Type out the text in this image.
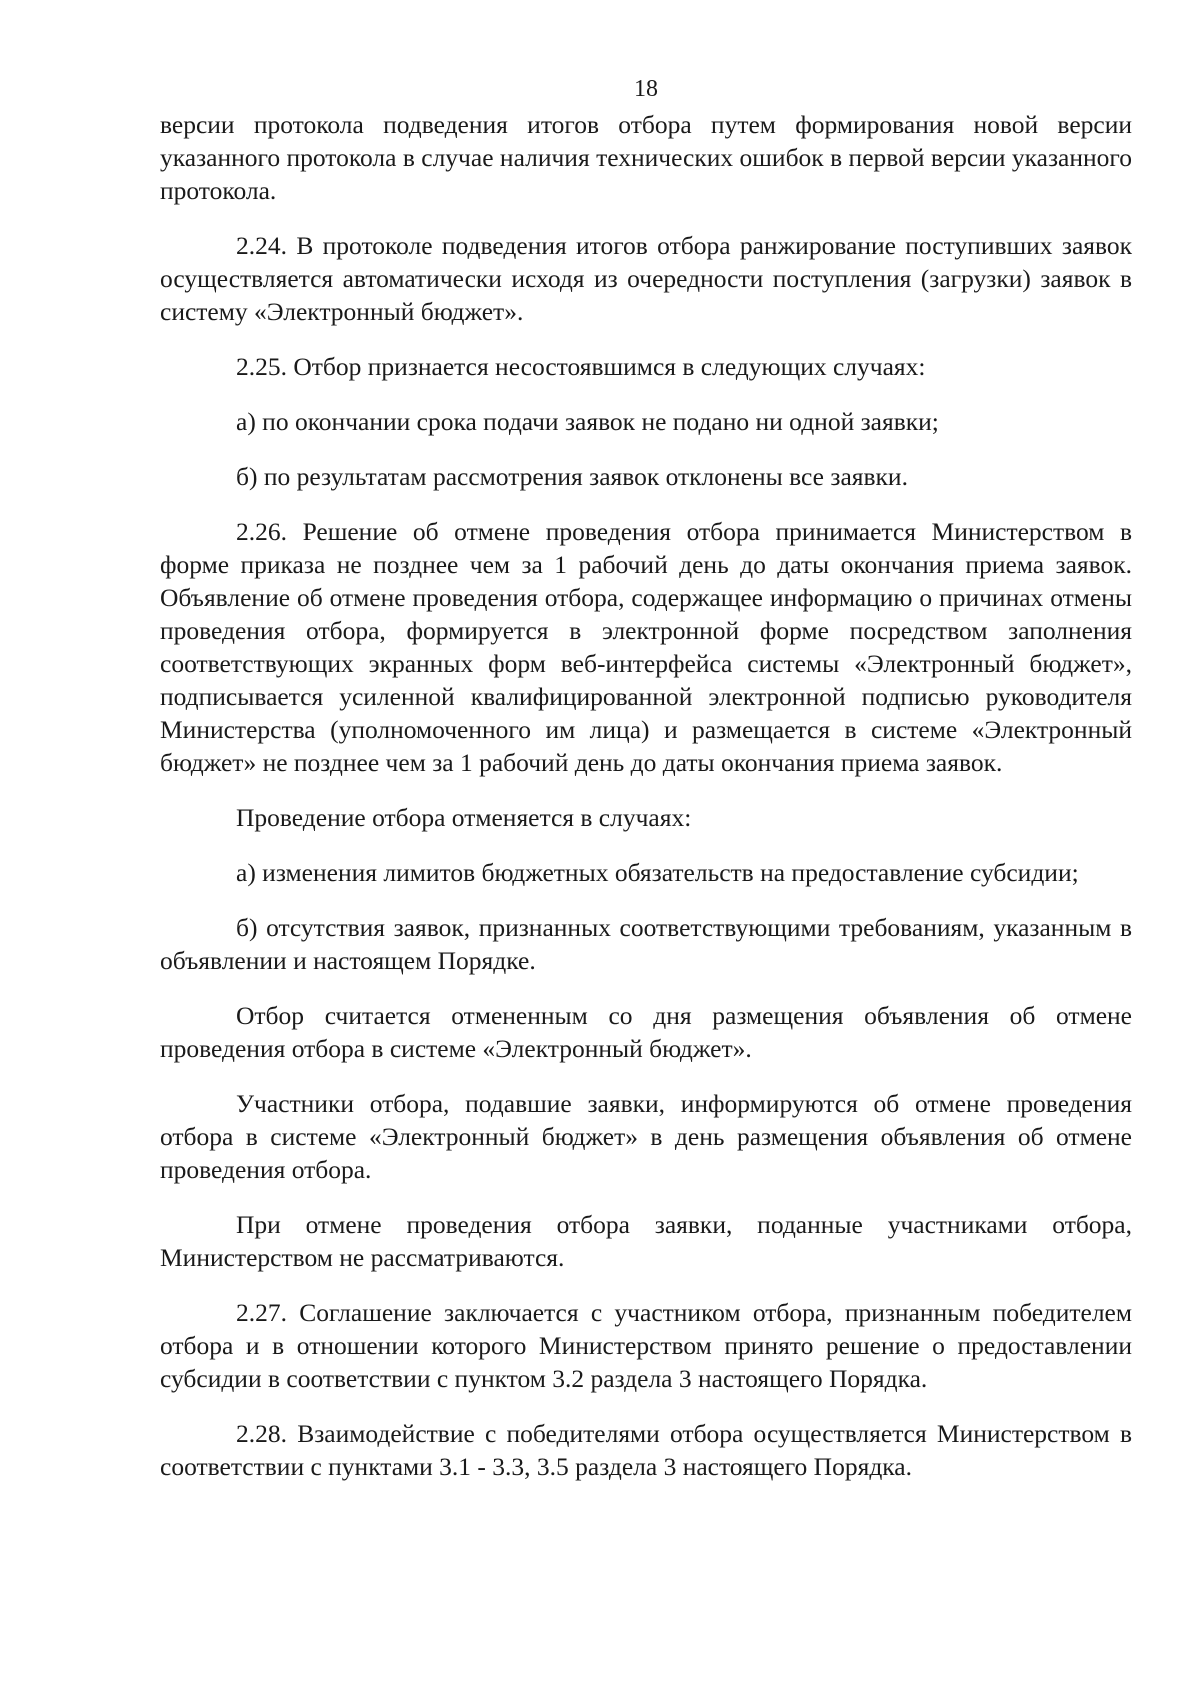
18

версии протокола подведения итогов отбора путем формирования новой версии указанного протокола в случае наличия технических ошибок в первой версии указанного протокола.

2.24. В протоколе подведения итогов отбора ранжирование поступивших заявок осуществляется автоматически исходя из очередности поступления (загрузки) заявок в систему «Электронный бюджет».

2.25. Отбор признается несостоявшимся в следующих случаях:

а) по окончании срока подачи заявок не подано ни одной заявки;

б) по результатам рассмотрения заявок отклонены все заявки.

2.26. Решение об отмене проведения отбора принимается Министерством в форме приказа не позднее чем за 1 рабочий день до даты окончания приема заявок. Объявление об отмене проведения отбора, содержащее информацию о причинах отмены проведения отбора, формируется в электронной форме посредством заполнения соответствующих экранных форм веб-интерфейса системы «Электронный бюджет», подписывается усиленной квалифицированной электронной подписью руководителя Министерства (уполномоченного им лица) и размещается в системе «Электронный бюджет» не позднее чем за 1 рабочий день до даты окончания приема заявок.

Проведение отбора отменяется в случаях:

а) изменения лимитов бюджетных обязательств на предоставление субсидии;

б) отсутствия заявок, признанных соответствующими требованиям, указанным в объявлении и настоящем Порядке.

Отбор считается отмененным со дня размещения объявления об отмене проведения отбора в системе «Электронный бюджет».

Участники отбора, подавшие заявки, информируются об отмене проведения отбора в системе «Электронный бюджет» в день размещения объявления об отмене проведения отбора.

При отмене проведения отбора заявки, поданные участниками отбора, Министерством не рассматриваются.

2.27. Соглашение заключается с участником отбора, признанным победителем отбора и в отношении которого Министерством принято решение о предоставлении субсидии в соответствии с пунктом 3.2 раздела 3 настоящего Порядка.

2.28. Взаимодействие с победителями отбора осуществляется Министерством в соответствии с пунктами 3.1 - 3.3, 3.5 раздела 3 настоящего Порядка.
